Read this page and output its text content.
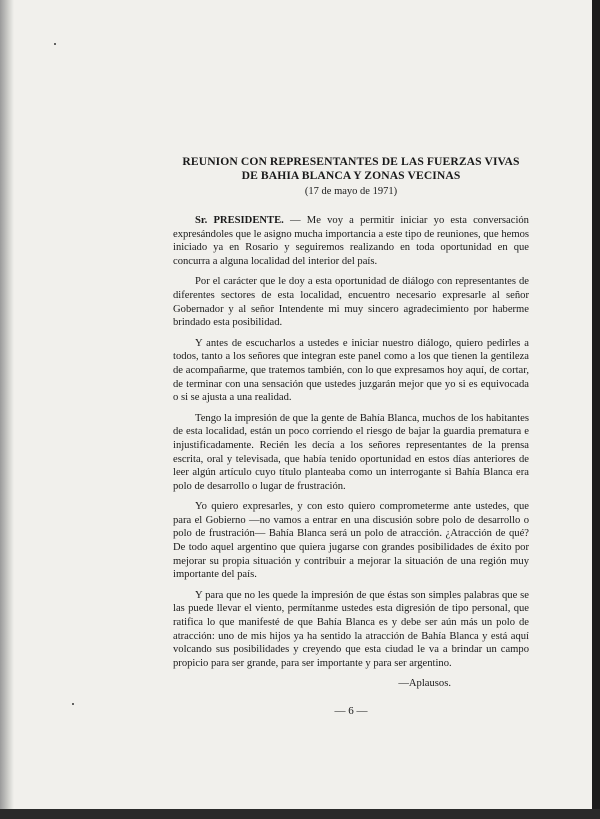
REUNION CON REPRESENTANTES DE LAS FUERZAS VIVAS
DE BAHIA BLANCA Y ZONAS VECINAS

(17 de mayo de 1971)

Sr. PRESIDENTE. — Me voy a permitir iniciar yo esta conversación expresándoles que le asigno mucha importancia a este tipo de reuniones, que hemos iniciado ya en Rosario y seguiremos realizando en toda oportunidad en que concurra a alguna localidad del interior del país.

Por el carácter que le doy a esta oportunidad de diálogo con representantes de diferentes sectores de esta localidad, encuentro necesario expresarle al señor Gobernador y al señor Intendente mi muy sincero agradecimiento por haberme brindado esta posibilidad.

Y antes de escucharlos a ustedes e iniciar nuestro diálogo, quiero pedirles a todos, tanto a los señores que integran este panel como a los que tienen la gentileza de acompañarme, que tratemos también, con lo que expresamos hoy aquí, de cortar, de terminar con una sensación que ustedes juzgarán mejor que yo si es equivocada o si se ajusta a una realidad.

Tengo la impresión de que la gente de Bahía Blanca, muchos de los habitantes de esta localidad, están un poco corriendo el riesgo de bajar la guardia prematura e injustificadamente. Recién les decía a los señores representantes de la prensa escrita, oral y televisada, que había tenido oportunidad en estos días anteriores de leer algún artículo cuyo título planteaba como un interrogante si Bahía Blanca era polo de desarrollo o lugar de frustración.

Yo quiero expresarles, y con esto quiero comprometerme ante ustedes, que para el Gobierno —no vamos a entrar en una discusión sobre polo de desarrollo o polo de frustración— Bahía Blanca será un polo de atracción. ¿Atracción de qué? De todo aquel argentino que quiera jugarse con grandes posibilidades de éxito por mejorar su propia situación y contribuir a mejorar la situación de una región muy importante del país.

Y para que no les quede la impresión de que éstas son simples palabras que se las puede llevar el viento, permítanme ustedes esta digresión de tipo personal, que ratifica lo que manifesté de que Bahía Blanca es y debe ser aún más un polo de atracción: uno de mis hijos ya ha sentido la atracción de Bahía Blanca y está aquí volcando sus posibilidades y creyendo que esta ciudad le va a brindar un campo propicio para ser grande, para ser importante y para ser argentino.

—Aplausos.

— 6 —
